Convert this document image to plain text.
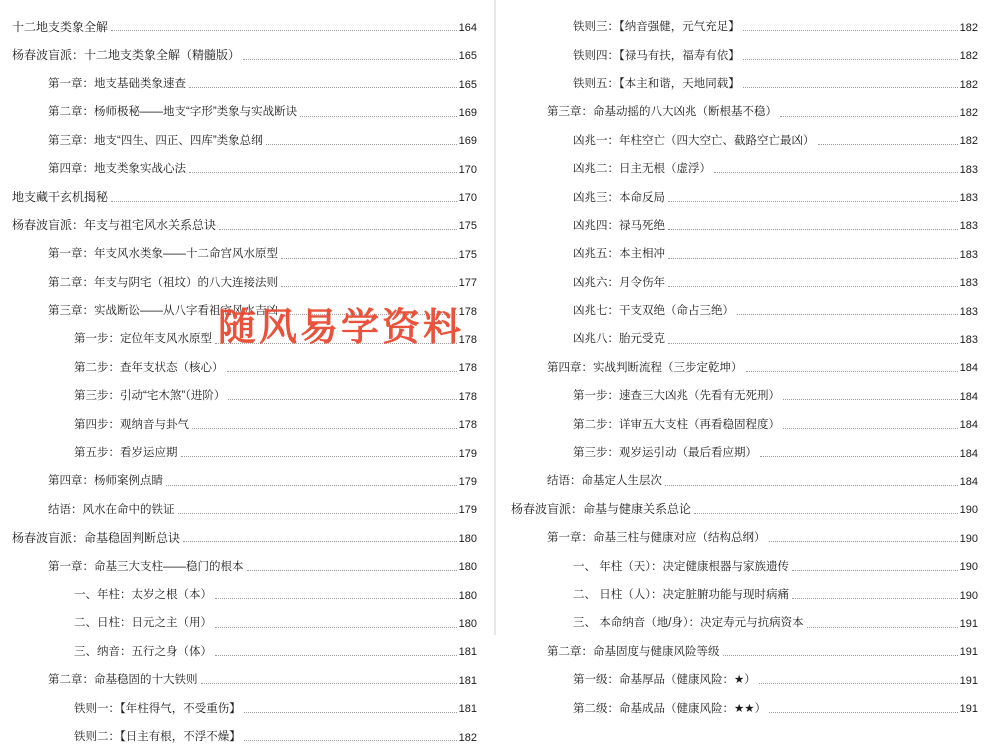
十二地支类象全解	164
杨春波盲派：十二地支类象全解（精髓版）	165
第一章：地支基础类象速查	165
第二章：杨师极秘——地支“字形”类象与实战断诀	169
第三章：地支“四生、四正、四库”类象总纲	169
第四章：地支类象实战心法	170
地支藏干玄机揭秘	170
杨春波盲派：年支与祖宅风水关系总诀	175
第一章：年支风水类象——十二命宫风水原型	175
第二章：年支与阴宅（祖坟）的八大连接法则	177
第三章：实战断讼——从八字看祖宅风水吉凶	178
第一步：定位年支风水原型	178
第二步：查年支状态（核心）	178
第三步：引动“宅木煞”（进阶）	178
第四步：观纳音与卦气	178
第五步：看岁运应期	179
第四章：杨师案例点睛	179
结语：风水在命中的铁证	179
杨春波盲派：命基稳固判断总诀	180
第一章：命基三大支柱——稳门的根本	180
一、年柱：太岁之根（本）	180
二、日柱：日元之主（用）	180
三、纳音：五行之身（体）	181
第二章：命基稳固的十大铁则	181
铁则一：【年柱得气，不受重伤】	181
铁则二：【日主有根，不浮不燥】	182
铁则三：【纳音强健，元气充足】	182
铁则四：【禄马有扶，福寿有依】	182
铁则五：【本主和谐，天地同载】	182
第三章：命基动摇的八大凶兆（断根基不稳）	182
凶兆一：年柱空亡（四大空亡、截路空亡最凶）	182
凶兆二：日主无根（虚浮）	183
凶兆三：本命反局	183
凶兆四：禄马死绝	183
凶兆五：本主相冲	183
凶兆六：月令伤年	183
凶兆七：干支双绝（命占三绝）	183
凶兆八：胎元受克	183
第四章：实战判断流程（三步定乾坤）	184
第一步：速查三大凶兆（先看有无死刑）	184
第二步：详审五大支柱（再看稳固程度）	184
第三步：观岁运引动（最后看应期）	184
结语：命基定人生层次	184
杨春波盲派：命基与健康关系总论	190
第一章：命基三柱与健康对应（结构总纲）	190
一、 年柱（天）：决定健康根器与家族遗传	190
二、 日柱（人）：决定脏腑功能与现时病痛	190
三、 本命纳音（地/身）：决定寿元与抗病资本	191
第二章：命基固度与健康风险等级	191
第一级：命基厚品（健康风险：★）	191
第二级：命基成品（健康风险：★★）	191
随风易学资料
